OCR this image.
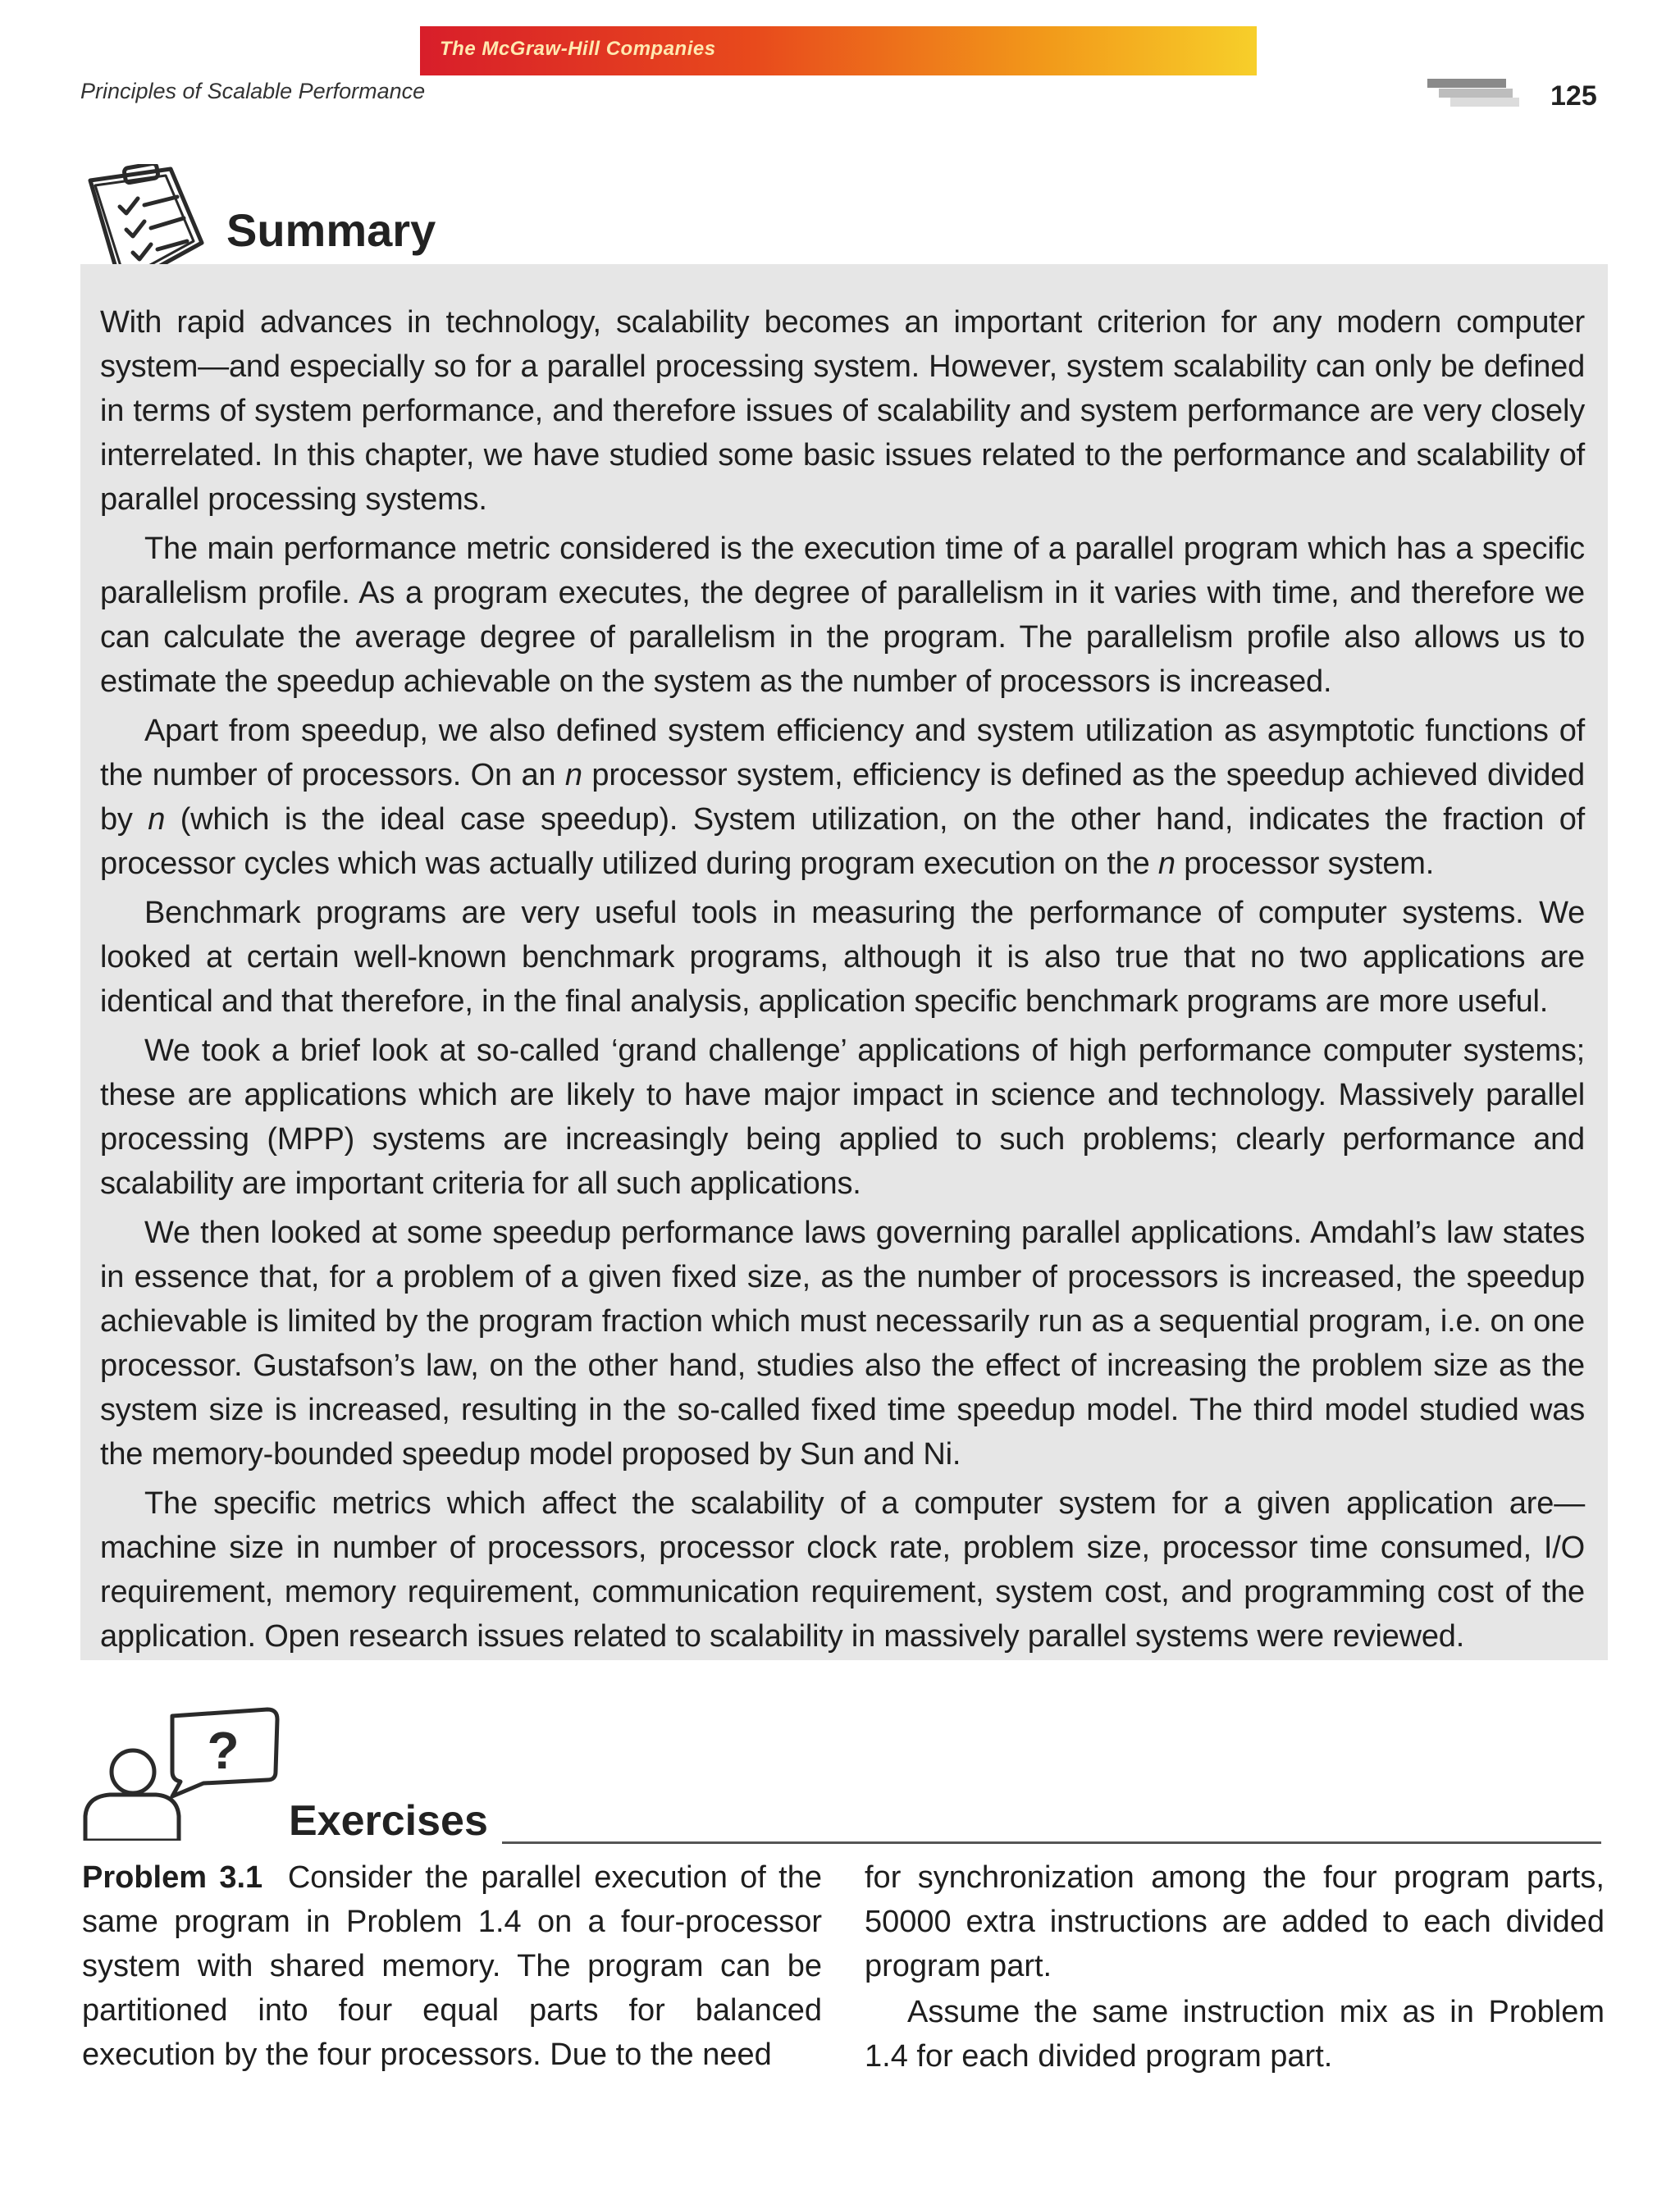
The McGraw-Hill Companies
Principles of Scalable Performance	125
Summary

With rapid advances in technology, scalability becomes an important criterion for any modern computer system—and especially so for a parallel processing system. However, system scalability can only be defined in terms of system performance, and therefore issues of scalability and system performance are very closely interrelated. In this chapter, we have studied some basic issues related to the performance and scalability of parallel processing systems.

The main performance metric considered is the execution time of a parallel program which has a specific parallelism profile. As a program executes, the degree of parallelism in it varies with time, and therefore we can calculate the average degree of parallelism in the program. The parallelism profile also allows us to estimate the speedup achievable on the system as the number of processors is increased.

Apart from speedup, we also defined system efficiency and system utilization as asymptotic functions of the number of processors. On an n processor system, efficiency is defined as the speedup achieved divided by n (which is the ideal case speedup). System utilization, on the other hand, indicates the fraction of processor cycles which was actually utilized during program execution on the n processor system.

Benchmark programs are very useful tools in measuring the performance of computer systems. We looked at certain well-known benchmark programs, although it is also true that no two applications are identical and that therefore, in the final analysis, application specific benchmark programs are more useful.

We took a brief look at so-called ‘grand challenge’ applications of high performance computer systems; these are applications which are likely to have major impact in science and technology. Massively parallel processing (MPP) systems are increasingly being applied to such problems; clearly performance and scalability are important criteria for all such applications.

We then looked at some speedup performance laws governing parallel applications. Amdahl’s law states in essence that, for a problem of a given fixed size, as the number of processors is increased, the speedup achievable is limited by the program fraction which must necessarily run as a sequential program, i.e. on one processor. Gustafson’s law, on the other hand, studies also the effect of increasing the problem size as the system size is increased, resulting in the so-called fixed time speedup model. The third model studied was the memory-bounded speedup model proposed by Sun and Ni.

The specific metrics which affect the scalability of a computer system for a given application are—machine size in number of processors, processor clock rate, problem size, processor time consumed, I/O requirement, memory requirement, communication requirement, system cost, and programming cost of the application. Open research issues related to scalability in massively parallel systems were reviewed.

?
Exercises

Problem 3.1 Consider the parallel execution of the same program in Problem 1.4 on a four-processor system with shared memory. The program can be partitioned into four equal parts for balanced execution by the four processors. Due to the need

for synchronization among the four program parts, 50000 extra instructions are added to each divided program part.

Assume the same instruction mix as in Problem 1.4 for each divided program part.
